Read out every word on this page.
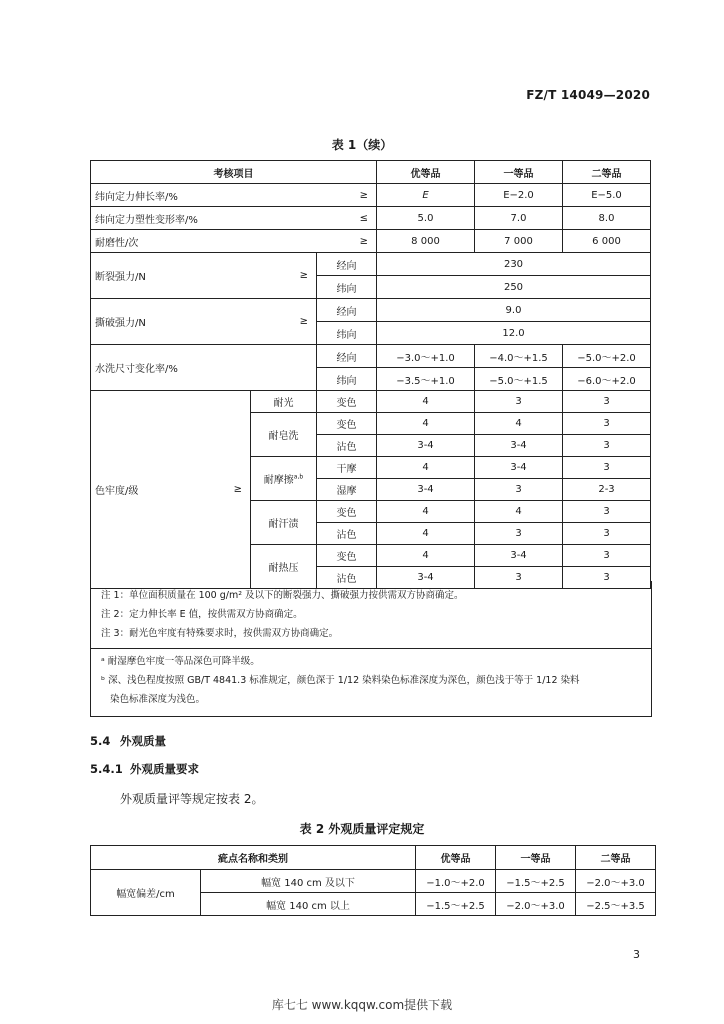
FZ/T 14049—2020
表 1（续）
考核项目			优等品	一等品	二等品

纬向定力伸长率/% ≥			E	E−2.0	E−5.0

纬向定力塑性变形率/% ≤			5.0	7.0	8.0

耐磨性/次 ≥			8 000	7 000	6 000

断裂强力/N ≥		经向	230		
		纬向	250		

撕破强力/N ≥		经向	9.0		
		纬向	12.0		
水洗尺寸变化率/%		经向	−3.0～+1.0	−4.0～+1.5	−5.0～+2.0
		纬向	−3.5～+1.0	−5.0～+1.5	−6.0～+2.0

色牢度/级 ≥	耐光	变色	4	3	3
	耐皂洗	变色	4	4	3
		沾色	3-4	3-4	3
	耐摩擦$^{a,b}$	干摩	4	3-4	3
		湿摩	3-4	3	2-3
	耐汗渍	变色	4	4	3
		沾色	4	3	3
	耐热压	变色	4	3-4	3
		沾色	3-4	3	3
注 1：单位面积质量在 100 g/m² 及以下的断裂强力、撕破强力按供需双方协商确定。
注 2：定力伸长率 E 值，按供需双方协商确定。
注 3：耐光色牢度有特殊要求时，按供需双方协商确定。
ᵃ 耐湿摩色牢度一等品深色可降半级。
ᵇ 深、浅色程度按照 GB/T 4841.3 标准规定，颜色深于 1/12 染料染色标准深度为深色，颜色浅于等于 1/12 染料
染色标准深度为浅色。
5.4 外观质量
5.4.1 外观质量要求
外观质量评等规定按表 2。
表 2 外观质量评定规定
疵点名称和类别		优等品	一等品	二等品
幅宽偏差/cm	幅宽 140 cm 及以下	−1.0～+2.0	−1.5～+2.5	−2.0～+3.0
	幅宽 140 cm 以上	−1.5～+2.5	−2.0～+3.0	−2.5～+3.5
3
库七七 www.kqqw.com提供下载
